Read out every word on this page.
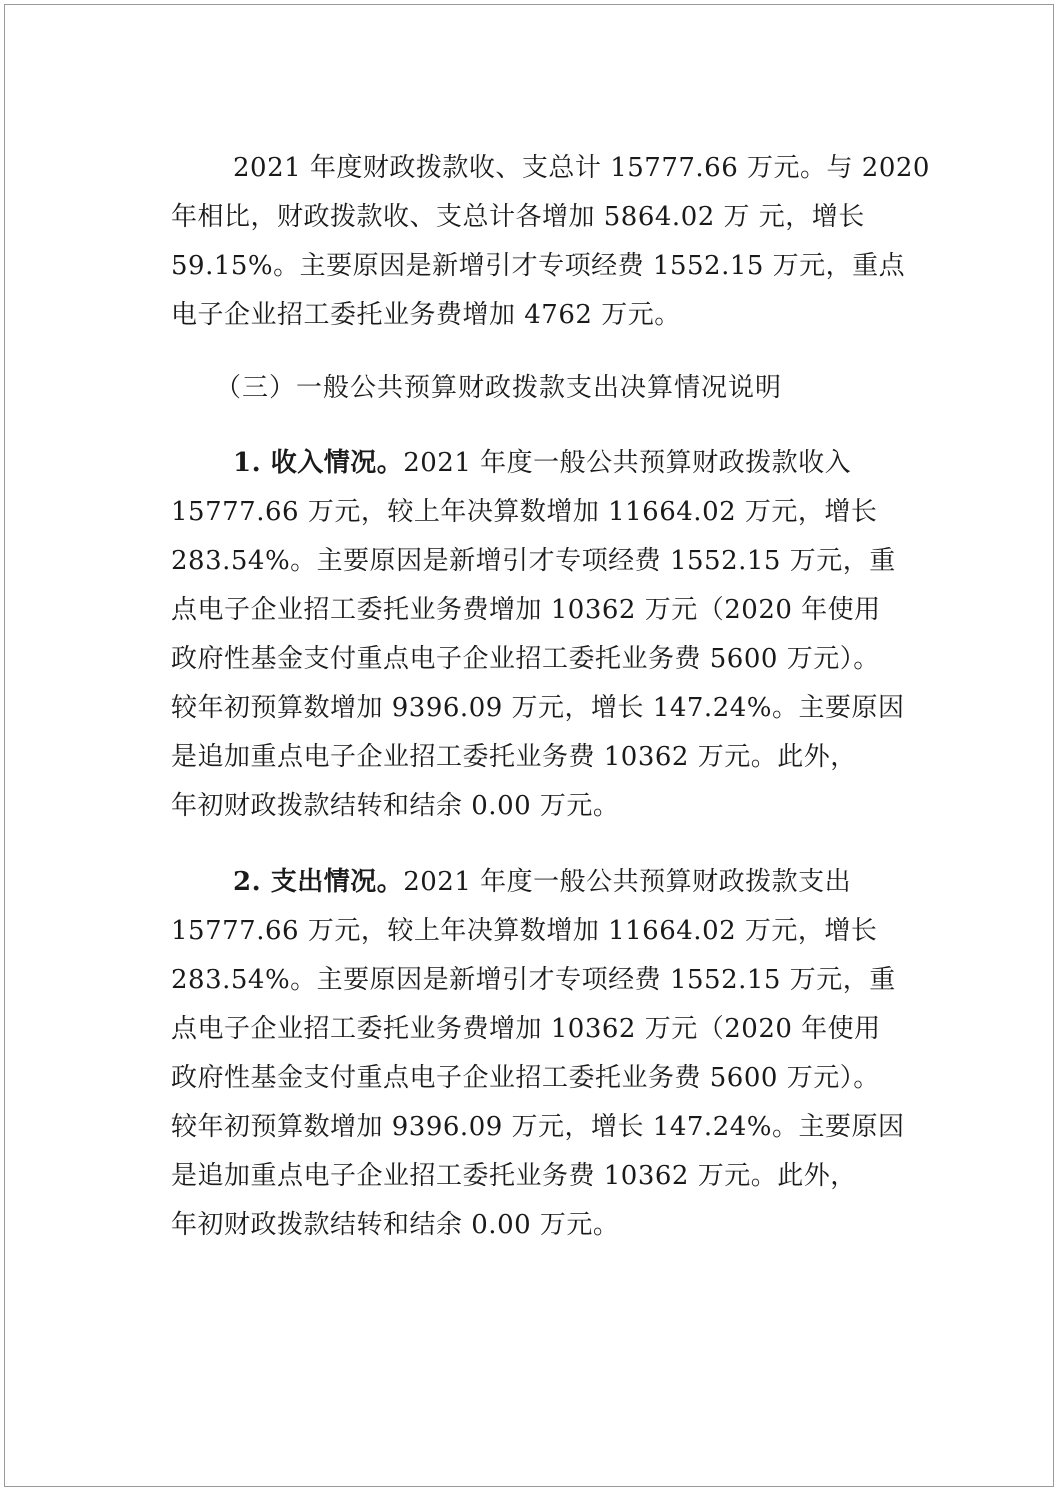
2021 年度财政拨款收、支总计 15777.66 万元。与 2020
年相比，财政拨款收、支总计各增加 5864.02 万 元，增长
59.15%。主要原因是新增引才专项经费 1552.15 万元，重点
电子企业招工委托业务费增加 4762 万元。
（三）一般公共预算财政拨款支出决算情况说明
1. 收入情况。2021 年度一般公共预算财政拨款收入
15777.66 万元，较上年决算数增加 11664.02 万元，增长
283.54%。主要原因是新增引才专项经费 1552.15 万元，重
点电子企业招工委托业务费增加 10362 万元（2020 年使用
政府性基金支付重点电子企业招工委托业务费 5600 万元）。
较年初预算数增加 9396.09 万元，增长 147.24%。主要原因
是追加重点电子企业招工委托业务费 10362 万元。此外，
年初财政拨款结转和结余 0.00 万元。
2. 支出情况。2021 年度一般公共预算财政拨款支出
15777.66 万元，较上年决算数增加 11664.02 万元，增长
283.54%。主要原因是新增引才专项经费 1552.15 万元，重
点电子企业招工委托业务费增加 10362 万元（2020 年使用
政府性基金支付重点电子企业招工委托业务费 5600 万元）。
较年初预算数增加 9396.09 万元，增长 147.24%。主要原因
是追加重点电子企业招工委托业务费 10362 万元。此外，
年初财政拨款结转和结余 0.00 万元。
